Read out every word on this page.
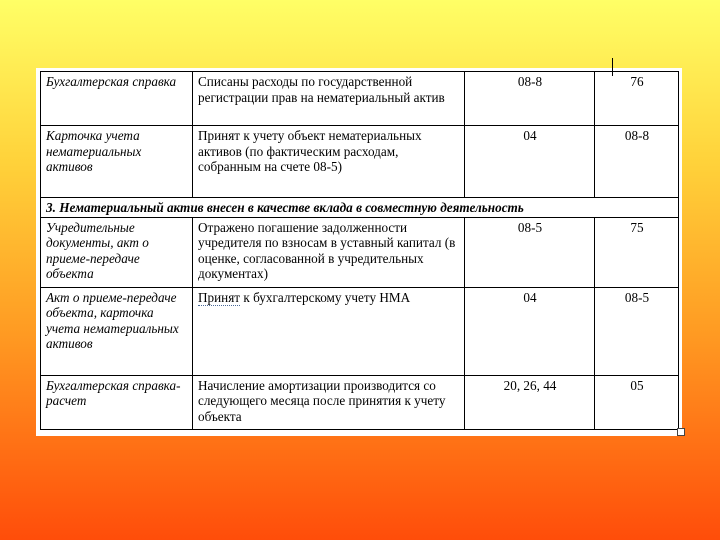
Бухгалтерская справка	Списаны расходы по государственной регистрации прав на нематериальный актив	08-8	76
Карточка учета нематериальных активов	Принят к учету объект нематериальных активов (по фактическим расходам, собранным на счете 08-5)	04	08-8
3. Нематериальный актив внесен в качестве вклада в совместную деятельность			
Учредительные документы, акт о приеме-передаче объекта	Отражено погашение задолженности учредителя по взносам в уставный капитал (в оценке, согласованной в учредительных документах)	08-5	75
Акт о приеме-передаче объекта, карточка учета нематериальных активов	Принят к бухгалтерскому учету НМА	04	08-5
Бухгалтерская справка-расчет	Начисление амортизации производится со следующего месяца после принятия к учету объекта	20, 26, 44	05
